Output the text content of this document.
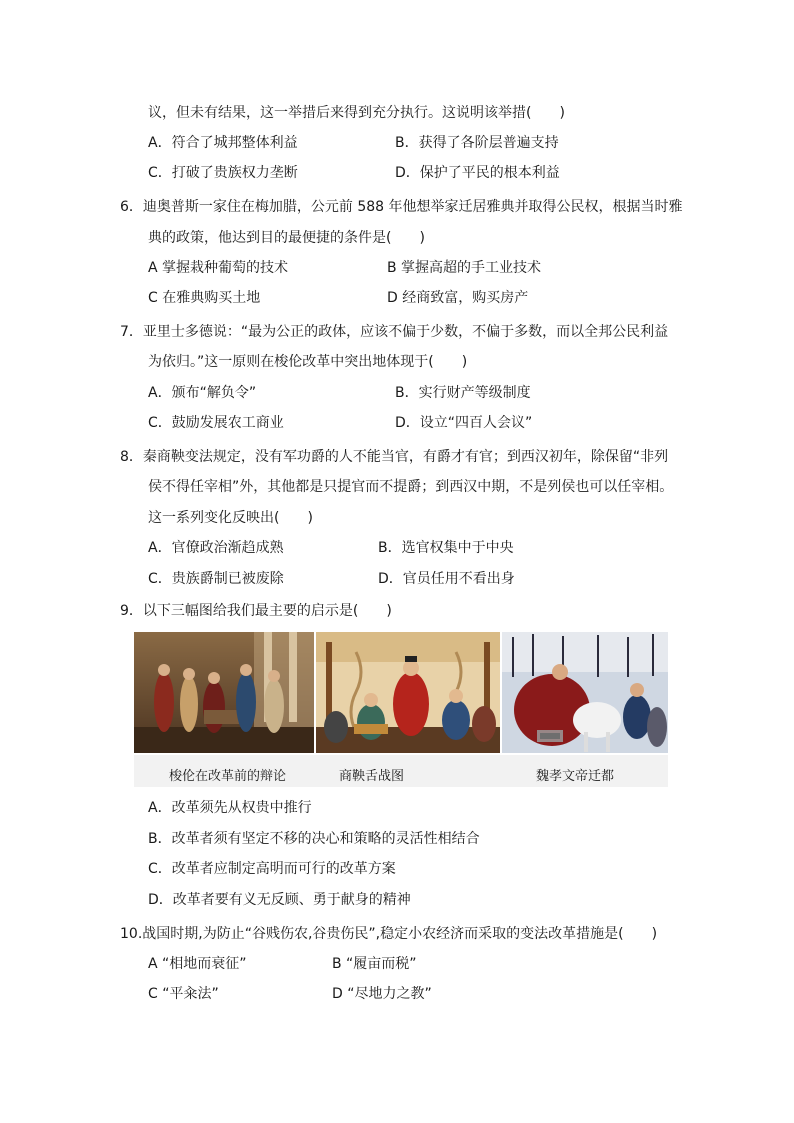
议，但未有结果，这一举措后来得到充分执行。这说明该举措(　　)
A．符合了城邦整体利益	B．获得了各阶层普遍支持
C．打破了贵族权力垄断	D．保护了平民的根本利益
6．迪奥普斯一家住在梅加腊，公元前 588 年他想举家迁居雅典并取得公民权，根据当时雅
典的政策，他达到目的最便捷的条件是(　　)
A 掌握栽种葡萄的技术	B 掌握高超的手工业技术
C 在雅典购买土地	D 经商致富，购买房产
7．亚里士多德说：“最为公正的政体，应该不偏于少数，不偏于多数，而以全邦公民利益
为依归。”这一原则在梭伦改革中突出地体现于(　　)
A．颁布“解负令”	B．实行财产等级制度
C．鼓励发展农工商业	D．设立“四百人会议”
8．秦商鞅变法规定，没有军功爵的人不能当官，有爵才有官；到西汉初年，除保留“非列
侯不得任宰相”外，其他都是只提官而不提爵；到西汉中期，不是列侯也可以任宰相。
这一系列变化反映出(　　)
A．官僚政治渐趋成熟	B．选官权集中于中央
C．贵族爵制已被废除	D．官员任用不看出身
9．以下三幅图给我们最主要的启示是(　　)
梭伦在改革前的辩论	商鞅舌战图	魏孝文帝迁都
A．改革须先从权贵中推行
B．改革者须有坚定不移的决心和策略的灵活性相结合
C．改革者应制定高明而可行的改革方案
D．改革者要有义无反顾、勇于献身的精神
10.战国时期,为防止“谷贱伤农,谷贵伤民”,稳定小农经济而采取的变法改革措施是(　　)
A “相地而衰征”	B “履亩而税”
C “平籴法”	D “尽地力之教”
